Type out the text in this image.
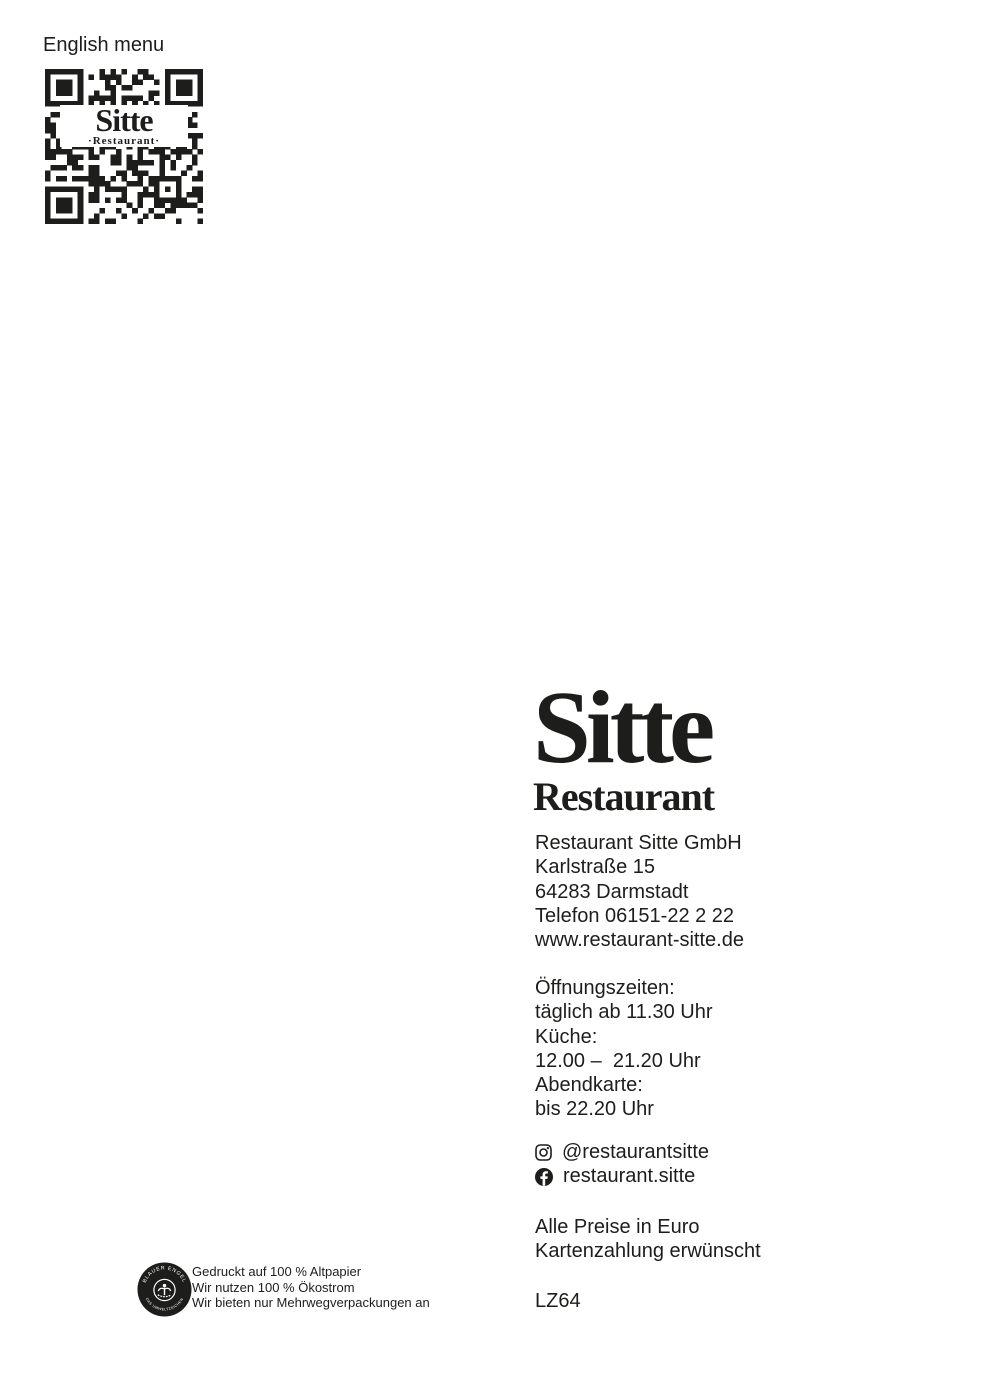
English menu
Sitte
·Restaurant·
Sitte
Restaurant
Restaurant Sitte GmbH
Karlstraße 15
64283 Darmstadt
Telefon 06151-22 2 22
www.restaurant-sitte.de
Öffnungszeiten:
täglich ab 11.30 Uhr
Küche:
12.00 –  21.20 Uhr
Abendkarte:
bis 22.20 Uhr
@restaurantsitte
restaurant.sitte
Alle Preise in Euro
Kartenzahlung erwünscht
LZ64
BLAUER ENGEL
DAS UMWELTZEICHEN
Gedruckt auf 100 % Altpapier
Wir nutzen 100 % Ökostrom
Wir bieten nur Mehrwegverpackungen an
